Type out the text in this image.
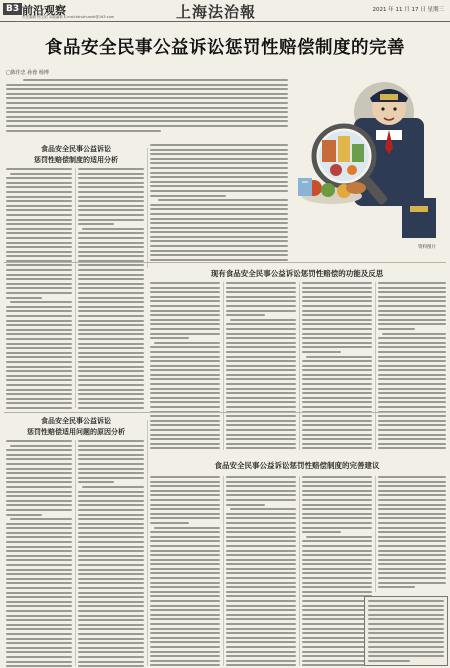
B3 前沿观察
责任编辑 何文韬 本版编辑 E-mail:falvzhuanti@163.com	上海法治報	2021 年 11 月 17 日 星期三
食品安全民事公益诉讼惩罚性赔偿制度的完善
□陈佳忠 孙蓉 杨博
食品安全民事公益诉讼
惩罚性赔偿制度的适用分析
资料图片
现有食品安全民事公益诉讼惩罚性赔偿的功能及反思
食品安全民事公益诉讼
惩罚性赔偿适用问题的原因分析
食品安全民事公益诉讼惩罚性赔偿制度的完善建议
